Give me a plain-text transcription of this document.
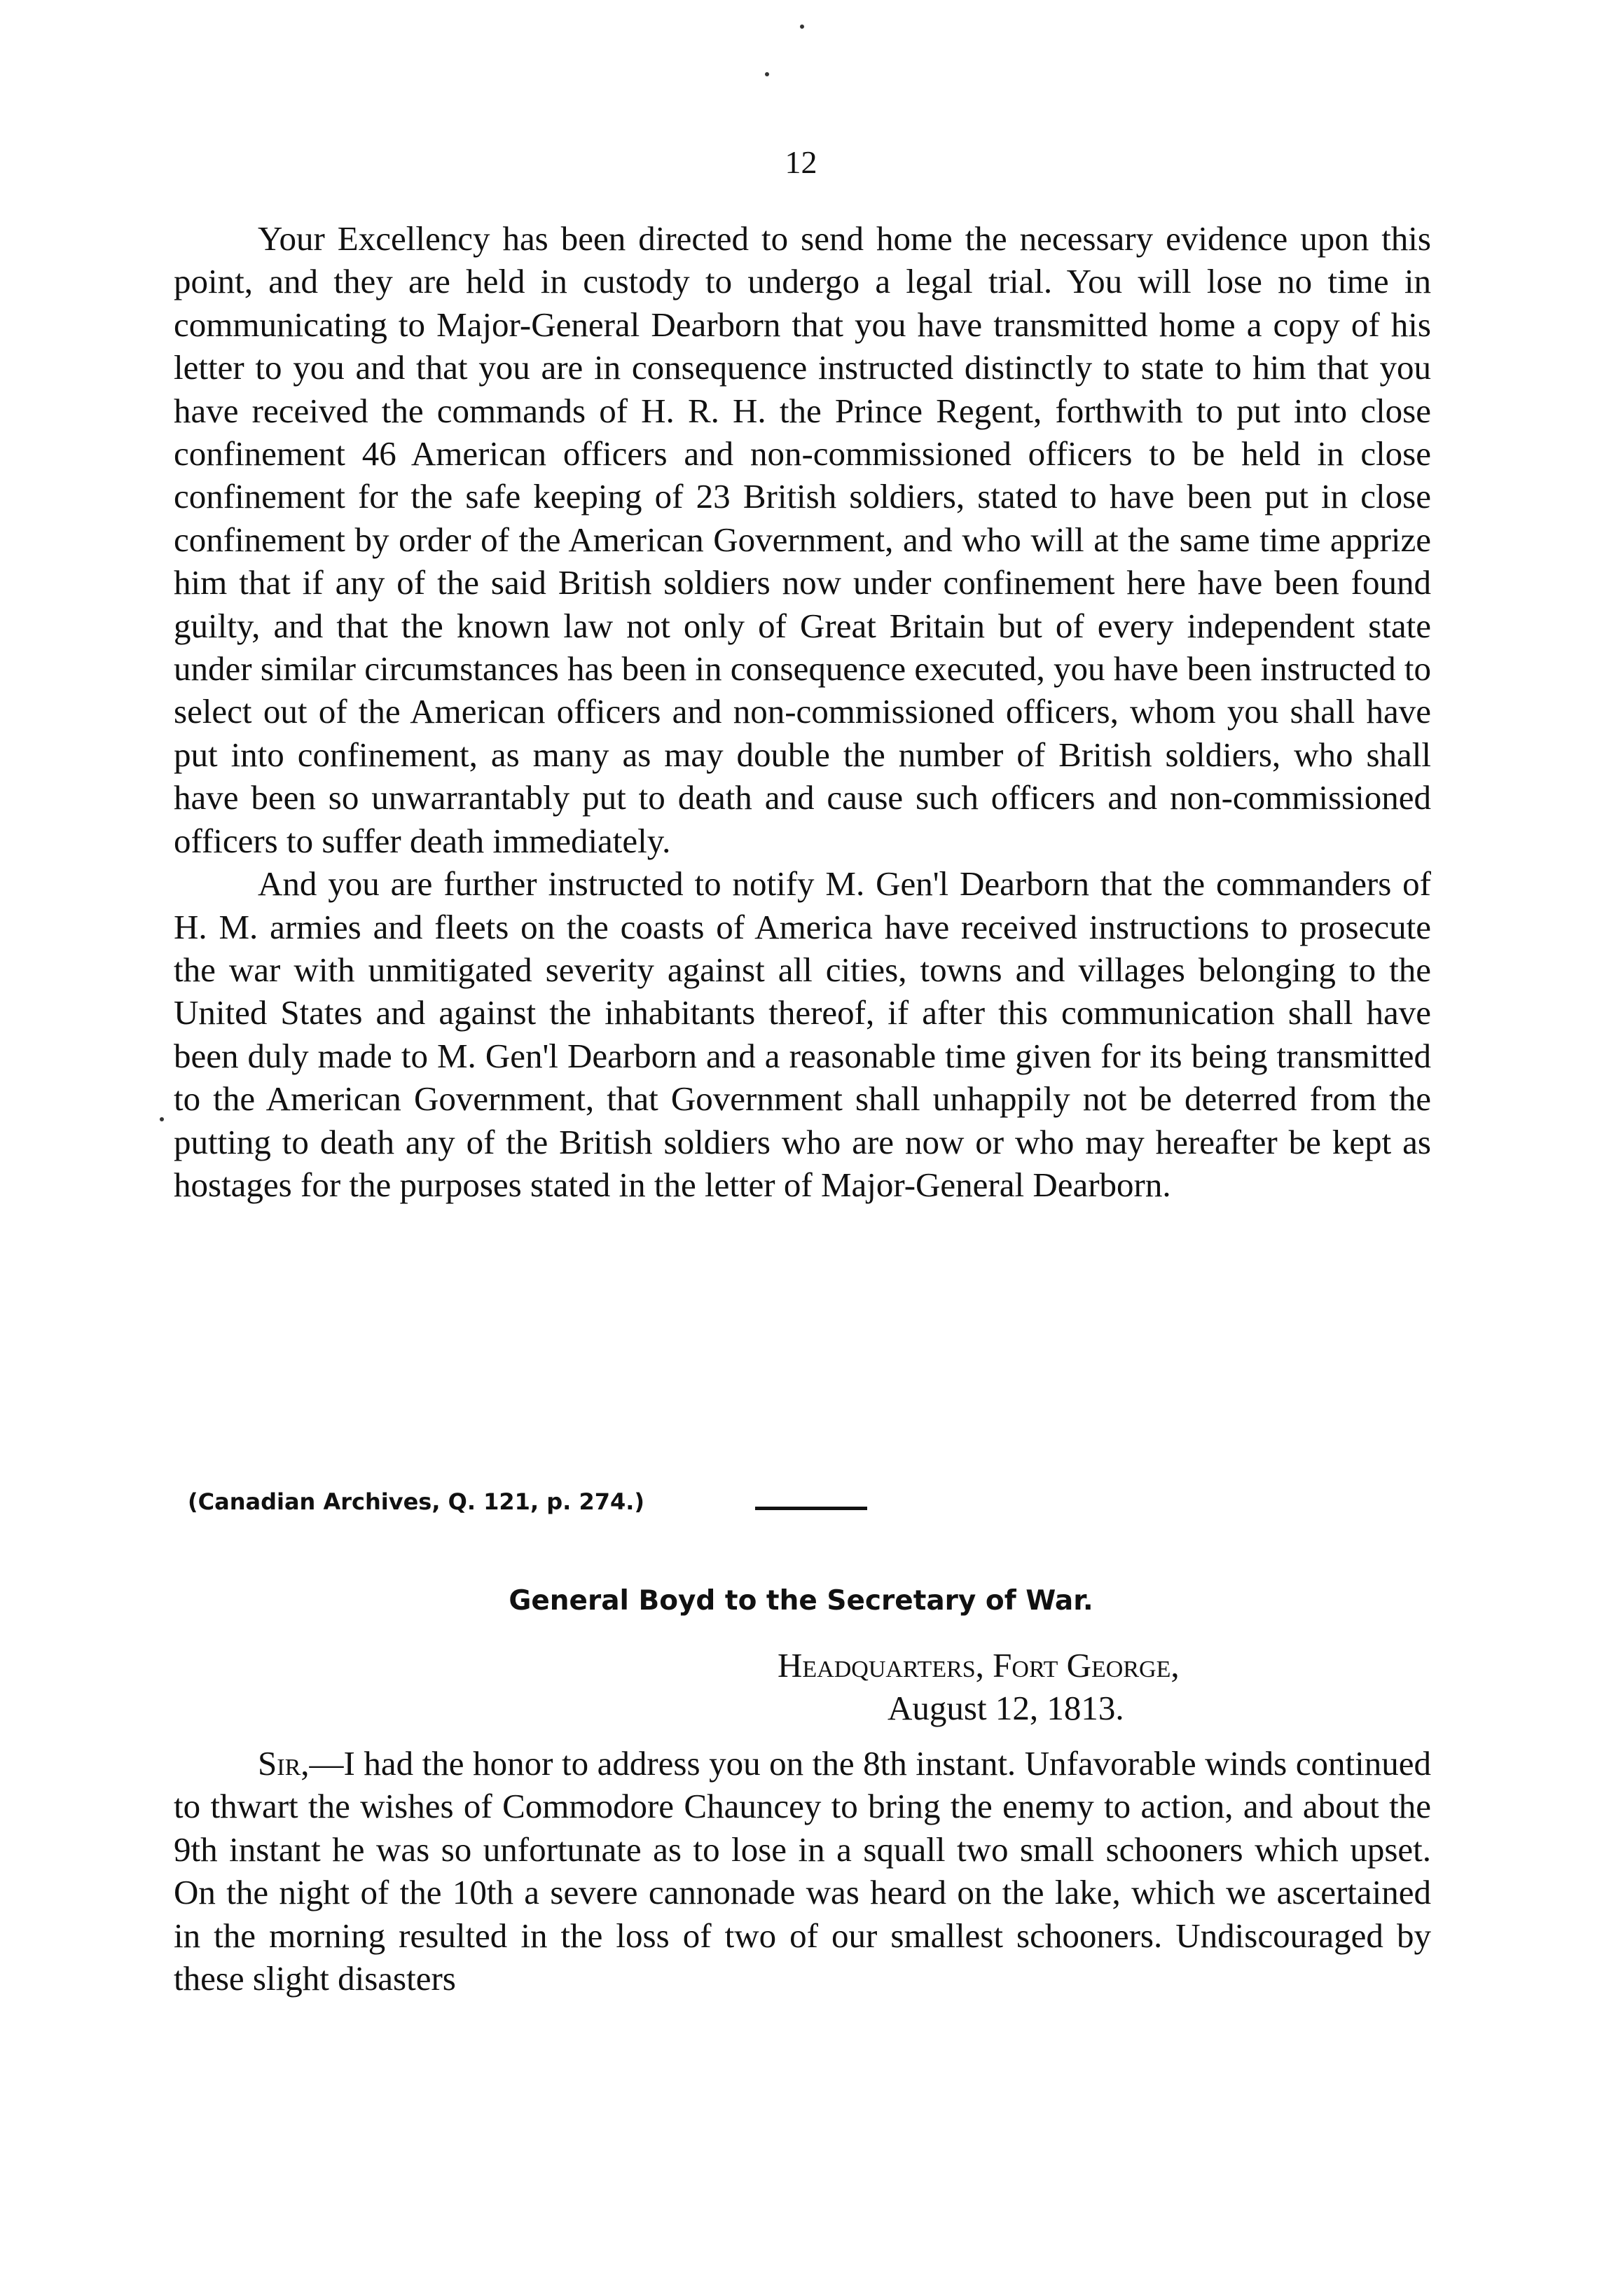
12

Your Excellency has been directed to send home the necessary evidence upon this point, and they are held in custody to undergo a legal trial. You will lose no time in communicating to Major-General Dearborn that you have transmitted home a copy of his letter to you and that you are in consequence instructed distinctly to state to him that you have received the commands of H. R. H. the Prince Regent, forthwith to put into close confinement 46 American officers and non-commissioned officers to be held in close confinement for the safe keeping of 23 British soldiers, stated to have been put in close confinement by order of the American Government, and who will at the same time apprize him that if any of the said British soldiers now under confinement here have been found guilty, and that the known law not only of Great Britain but of every independent state under similar circumstances has been in consequence executed, you have been instructed to select out of the American officers and non-commissioned officers, whom you shall have put into confinement, as many as may double the number of British soldiers, who shall have been so unwarrantably put to death and cause such officers and non-commissioned officers to suffer death immediately.

And you are further instructed to notify M. Gen'l Dearborn that the commanders of H. M. armies and fleets on the coasts of America have received instructions to prosecute the war with unmitigated severity against all cities, towns and villages belonging to the United States and against the inhabitants thereof, if after this communication shall have been duly made to M. Gen'l Dearborn and a reasonable time given for its being transmitted to the American Government, that Government shall unhappily not be deterred from the putting to death any of the British soldiers who are now or who may hereafter be kept as hostages for the purposes stated in the letter of Major-General Dearborn.

(Canadian Archives, Q. 121, p. 274.)
General Boyd to the Secretary of War.
Headquarters, Fort George,
August 12, 1813.

Sir,—I had the honor to address you on the 8th instant. Unfavorable winds continued to thwart the wishes of Commodore Chauncey to bring the enemy to action, and about the 9th instant he was so unfortunate as to lose in a squall two small schooners which upset. On the night of the 10th a severe cannonade was heard on the lake, which we ascertained in the morning resulted in the loss of two of our smallest schooners. Undiscouraged by these slight disasters
